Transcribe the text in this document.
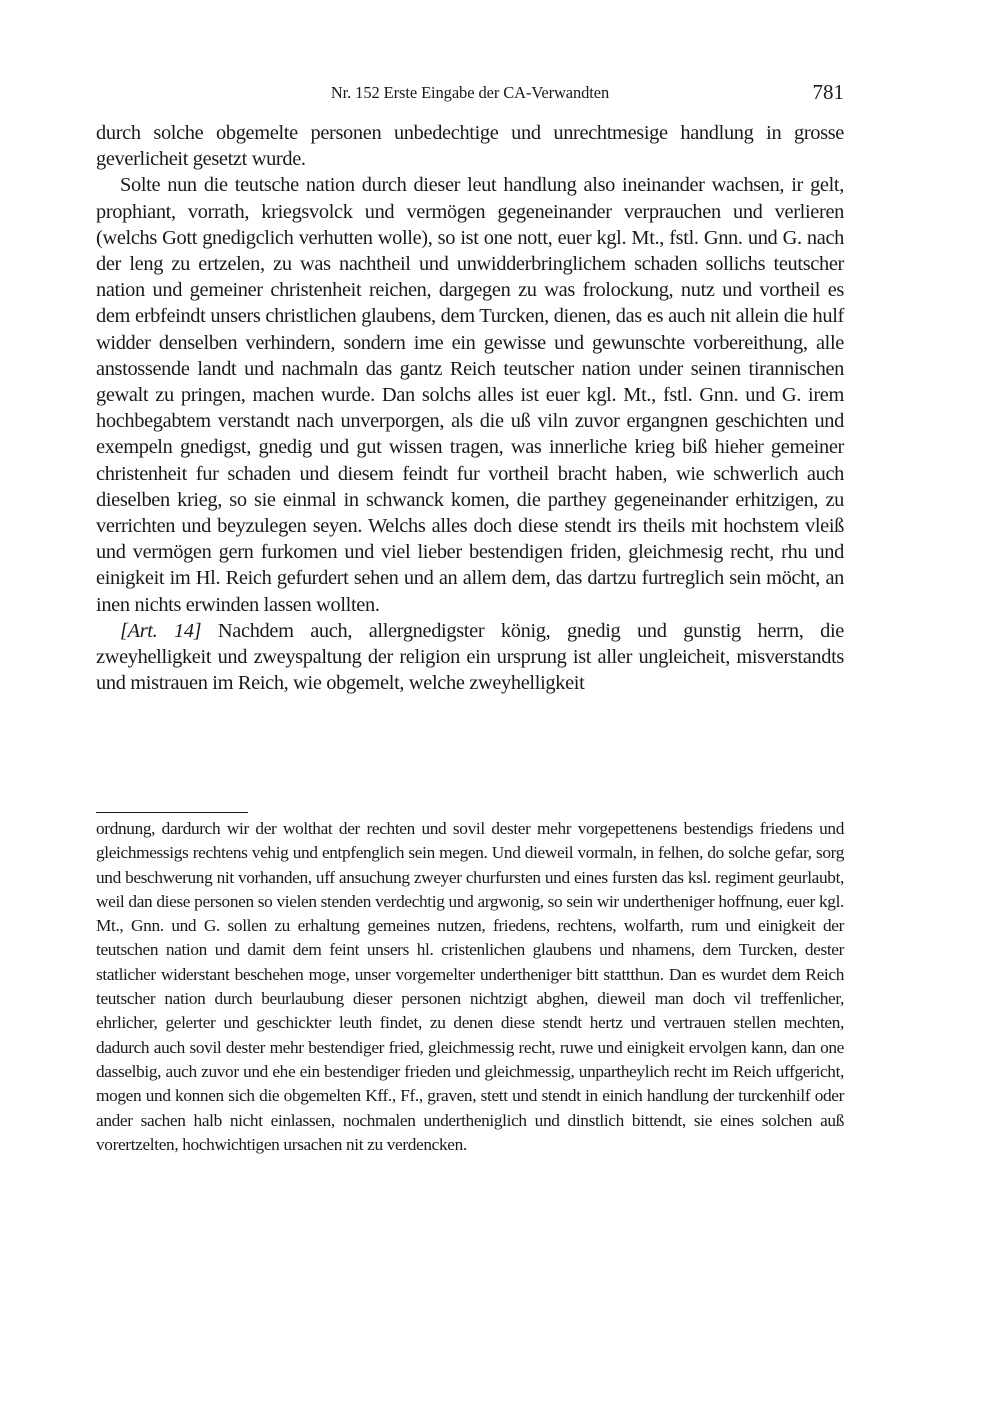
Nr. 152 Erste Eingabe der CA-Verwandten	781

durch solche obgemelte personen unbedechtige und unrechtmesige handlung in grosse geverlicheit gesetzt wurde.

Solte nun die teutsche nation durch dieser leut handlung also ineinander wachsen, ir gelt, prophiant, vorrath, kriegsvolck und vermögen gegeneinander verprauchen und verlieren (welchs Gott gnedigclich verhutten wolle), so ist one nott, euer kgl. Mt., fstl. Gnn. und G. nach der leng zu ertzelen, zu was nachtheil und unwidderbringlichem schaden sollichs teutscher nation und gemeiner christenheit reichen, dargegen zu was frolockung, nutz und vortheil es dem erbfeindt unsers christlichen glaubens, dem Turcken, dienen, das es auch nit allein die hulf widder denselben verhindern, sondern ime ein gewisse und gewunschte vorbereithung, alle anstossende landt und nachmaln das gantz Reich teutscher nation under seinen tirannischen gewalt zu pringen, machen wurde. Dan solchs alles ist euer kgl. Mt., fstl. Gnn. und G. irem hochbegabtem verstandt nach unverporgen, als die uß viln zuvor ergangnen geschichten und exempeln gnedigst, gnedig und gut wissen tragen, was innerliche krieg biß hieher gemeiner christenheit fur schaden und diesem feindt fur vortheil bracht haben, wie schwerlich auch dieselben krieg, so sie einmal in schwanck komen, die parthey gegeneinander erhitzigen, zu verrichten und beyzulegen seyen. Welchs alles doch diese stendt irs theils mit hochstem vleiß und vermögen gern furkomen und viel lieber bestendigen friden, gleichmesig recht, rhu und einigkeit im Hl. Reich gefurdert sehen und an allem dem, das dartzu furtreglich sein möcht, an inen nichts erwinden lassen wollten.

[Art. 14] Nachdem auch, allergnedigster könig, gnedig und gunstig herrn, die zweyhelligkeit und zweyspaltung der religion ein ursprung ist aller ungleicheit, misverstandts und mistrauen im Reich, wie obgemelt, welche zweyhelligkeit

ordnung, dardurch wir der wolthat der rechten und sovil dester mehr vorgepettenens bestendigs friedens und gleichmessigs rechtens vehig und entpfenglich sein megen. Und dieweil vormaln, in felhen, do solche gefar, sorg und beschwerung nit vorhanden, uff ansuchung zweyer churfursten und eines fursten das ksl. regiment geurlaubt, weil dan diese personen so vielen stenden verdechtig und argwonig, so sein wir undertheniger hoffnung, euer kgl. Mt., Gnn. und G. sollen zu erhaltung gemeines nutzen, friedens, rechtens, wolfarth, rum und einigkeit der teutschen nation und damit dem feint unsers hl. cristenlichen glaubens und nhamens, dem Turcken, dester statlicher widerstant beschehen moge, unser vorgemelter undertheniger bitt stattthun. Dan es wurdet dem Reich teutscher nation durch beurlaubung dieser personen nichtzigt abghen, dieweil man doch vil treffenlicher, ehrlicher, gelerter und geschickter leuth findet, zu denen diese stendt hertz und vertrauen stellen mechten, dadurch auch sovil dester mehr bestendiger fried, gleichmessig recht, ruwe und einigkeit ervolgen kann, dan one dasselbig, auch zuvor und ehe ein bestendiger frieden und gleichmessig, unpartheylich recht im Reich uffgericht, mogen und konnen sich die obgemelten Kff., Ff., graven, stett und stendt in einich handlung der turckenhilf oder ander sachen halb nicht einlassen, nochmalen undertheniglich und dinstlich bittendt, sie eines solchen auß vorertzelten, hochwichtigen ursachen nit zu verdencken.
